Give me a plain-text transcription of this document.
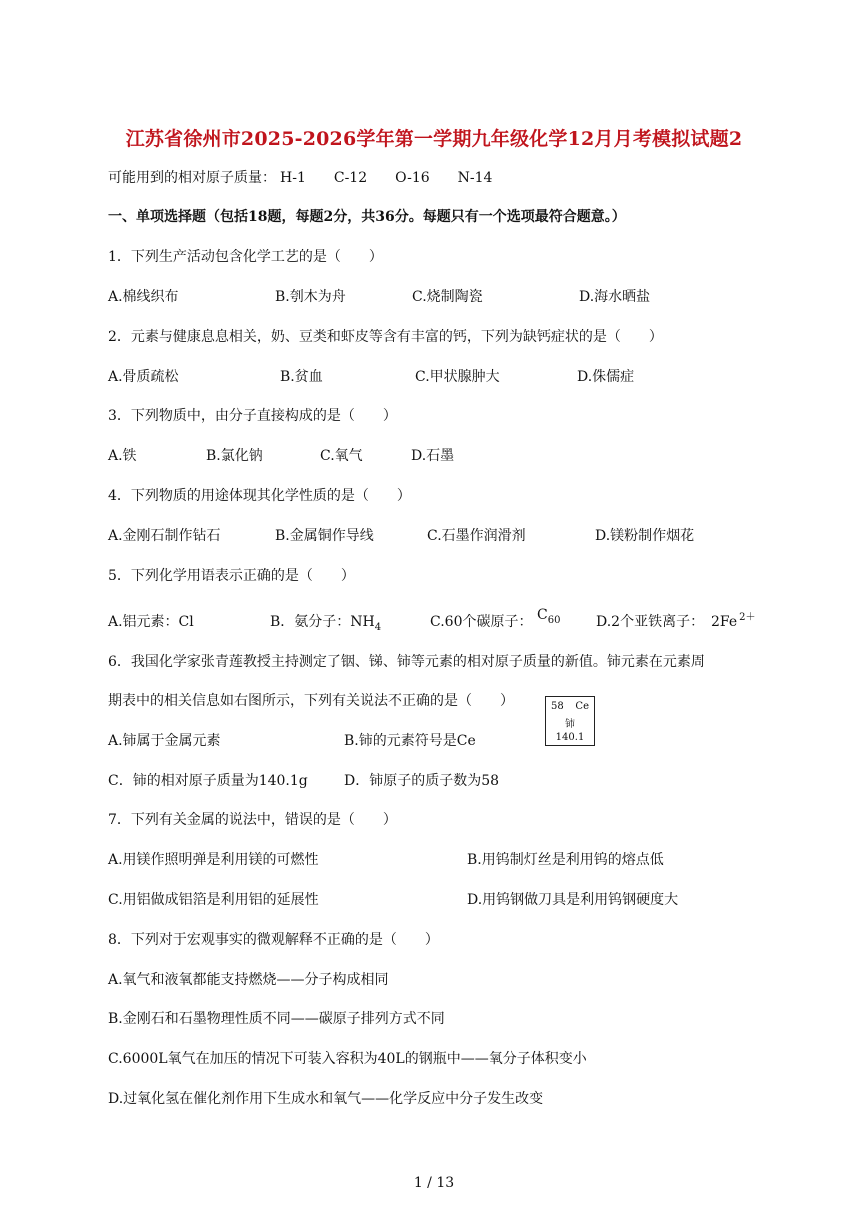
江苏省徐州市2025-2026学年第一学期九年级化学12月月考模拟试题2
可能用到的相对原子质量： H-1 C-12 O-16 N-14
一、单项选择题（包括18题，每题2分，共36分。每题只有一个选项最符合题意。）
1．下列生产活动包含化学工艺的是（　　）
A.棉线织布	B.刳木为舟	C.烧制陶瓷	D.海水晒盐
2．元素与健康息息相关，奶、豆类和虾皮等含有丰富的钙，下列为缺钙症状的是（　　）
A.骨质疏松	B.贫血	C.甲状腺肿大	D.侏儒症
3．下列物质中，由分子直接构成的是（　　）
A.铁	B.氯化钠	C.氧气	D.石墨
4．下列物质的用途体现其化学性质的是（　　）
A.金刚石制作钻石	B.金属铜作导线	C.石墨作润滑剂	D.镁粉制作烟花
5．下列化学用语表示正确的是（　　）
A.铝元素：Cl	B．氨分子：$NH_4$	C.60个碳原子： $C_{60}$	D.2个亚铁离子： 2Fe $^{2+}$
6．我国化学家张青莲教授主持测定了铟、锑、铈等元素的相对原子质量的新值。铈元素在元素周
期表中的相关信息如右图所示，下列有关说法不正确的是（　　）	58 Ce
铈
140.1
A.铈属于金属元素	B.铈的元素符号是Ce
C．铈的相对原子质量为140.1g	D．铈原子的质子数为58
7．下列有关金属的说法中，错误的是（　　）
A.用镁作照明弹是利用镁的可燃性	B.用钨制灯丝是利用钨的熔点低
C.用铝做成铝箔是利用铝的延展性	D.用钨钢做刀具是利用钨钢硬度大
8．下列对于宏观事实的微观解释不正确的是（　　）
A.氧气和液氧都能支持燃烧——分子构成相同
B.金刚石和石墨物理性质不同——碳原子排列方式不同
C.6000L氧气在加压的情况下可装入容积为40L的钢瓶中——氧分子体积变小
D.过氧化氢在催化剂作用下生成水和氧气——化学反应中分子发生改变
1 / 13
